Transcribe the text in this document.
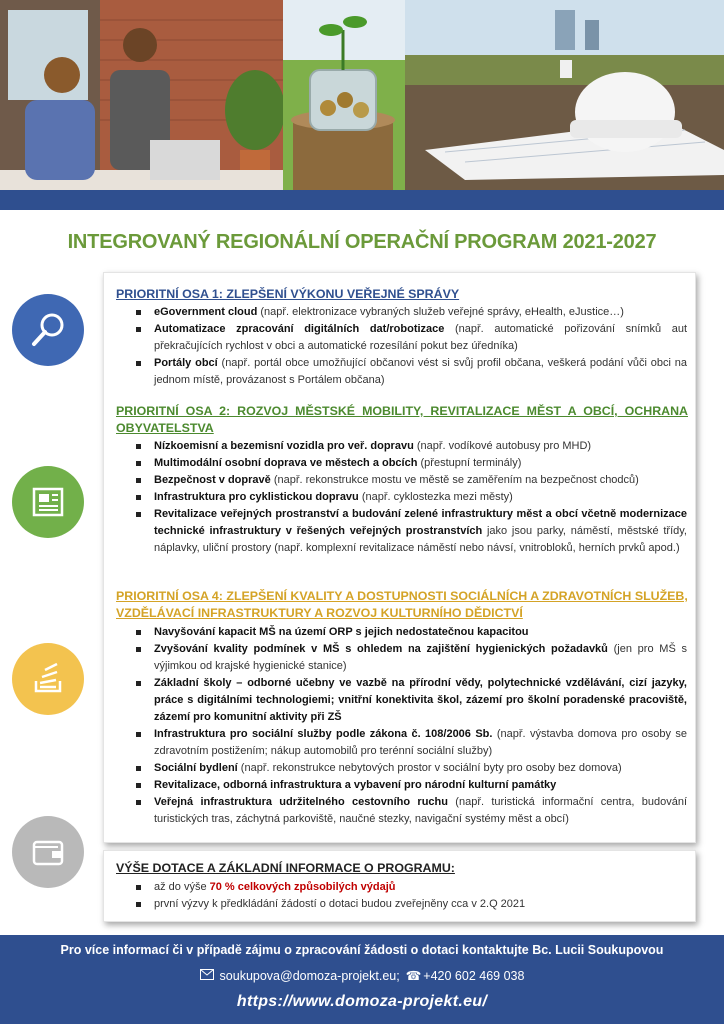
INTEGROVANÝ REGIONÁLNÍ OPERAČNÍ PROGRAM 2021-2027
PRIORITNÍ OSA 1: ZLEPŠENÍ VÝKONU VEŘEJNÉ SPRÁVY
eGovernment cloud (např. elektronizace vybraných služeb veřejné správy, eHealth, eJustice…)
Automatizace zpracování digitálních dat/robotizace (např. automatické pořizování snímků aut překračujících rychlost v obci a automatické rozesílání pokut bez úředníka)
Portály obcí (např. portál obce umožňující občanovi vést si svůj profil občana, veškerá podání vůči obci na jednom místě, provázanost s Portálem občana)
PRIORITNÍ OSA 2: ROZVOJ MĚSTSKÉ MOBILITY, REVITALIZACE MĚST A OBCÍ, OCHRANA OBYVATELSTVA
Nízkoemisní a bezemisní vozidla pro veř. dopravu (např. vodíkové autobusy pro MHD)
Multimodální osobní doprava ve městech a obcích (přestupní terminály)
Bezpečnost v dopravě (např. rekonstrukce mostu ve městě se zaměřením na bezpečnost chodců)
Infrastruktura pro cyklistickou dopravu (např. cyklostezka mezi městy)
Revitalizace veřejných prostranství a budování zelené infrastruktury měst a obcí včetně modernizace technické infrastruktury v řešených veřejných prostranstvích jako jsou parky, náměstí, městské třídy, náplavky, uliční prostory (např. komplexní revitalizace náměstí nebo návsí, vnitrobloků, herních prvků apod.)
PRIORITNÍ OSA 4: ZLEPŠENÍ KVALITY A DOSTUPNOSTI SOCIÁLNÍCH A ZDRAVOTNÍCH SLUŽEB, VZDĚLÁVACÍ INFRASTRUKTURY A ROZVOJ KULTURNÍHO DĚDICTVÍ
Navyšování kapacit MŠ na území ORP s jejich nedostatečnou kapacitou
Zvyšování kvality podmínek v MŠ s ohledem na zajištění hygienických požadavků (jen pro MŠ s výjimkou od krajské hygienické stanice)
Základní školy – odborné učebny ve vazbě na přírodní vědy, polytechnické vzdělávání, cizí jazyky, práce s digitálními technologiemi; vnitřní konektivita škol, zázemí pro školní poradenské pracoviště, zázemí pro komunitní aktivity při ZŠ
Infrastruktura pro sociální služby podle zákona č. 108/2006 Sb. (např. výstavba domova pro osoby se zdravotním postižením; nákup automobilů pro terénní sociální služby)
Sociální bydlení (např. rekonstrukce nebytových prostor v sociální byty pro osoby bez domova)
Revitalizace, odborná infrastruktura a vybavení pro národní kulturní památky
Veřejná infrastruktura udržitelného cestovního ruchu (např. turistická informační centra, budování turistických tras, záchytná parkoviště, naučné stezky, navigační systémy měst a obcí)
VÝŠE DOTACE A ZÁKLADNÍ INFORMACE O PROGRAMU:
až do výše 70 % celkových způsobilých výdajů
první výzvy k předkládání žádostí o dotaci budou zveřejněny cca v 2.Q 2021
Pro více informací či v případě zájmu o zpracování žádosti o dotaci kontaktujte Bc. Lucii Soukupovou
soukupova@domoza-projekt.eu; ☎ +420 602 469 038
https://www.domoza-projekt.eu/
